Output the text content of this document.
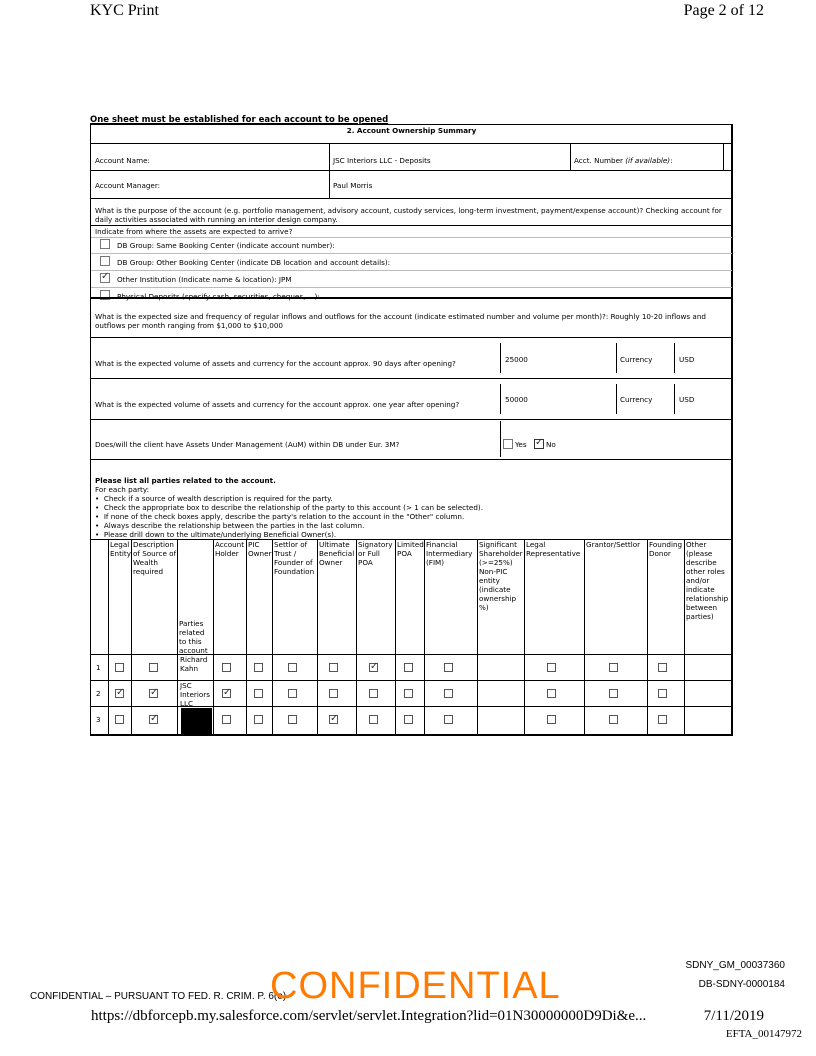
KYC Print	Page 2 of 12
One sheet must be established for each account to be opened
2. Account Ownership Summary
Account Name:	JSC Interiors LLC - Deposits	Acct. Number (if available):
Account Manager:	Paul Morris
What is the purpose of the account (e.g. portfolio management, advisory account, custody services, long-term investment, payment/expense account)? Checking account for daily activities associated with running an interior design company.
Indicate from where the assets are expected to arrive?
DB Group: Same Booking Center (indicate account number):
DB Group: Other Booking Center (indicate DB location and account details):
✓
Other Institution (Indicate name & location): JPM
Physical Deposits (specify cash, securities, cheques, ...):
What is the expected size and frequency of regular inflows and outflows for the account (indicate estimated number and volume per month)?: Roughly 10-20 inflows and outflows per month ranging from $1,000 to $10,000
What is the expected volume of assets and currency for the account approx. 90 days after opening?	25000	Currency	USD
What is the expected volume of assets and currency for the account approx. one year after opening?
50000	Currency	USD
Does/will the client have Assets Under Management (AuM) within DB under Eur. 3M?	Yes
✓	No
Please list all parties related to the account.
For each party:
•  Check if a source of wealth description is required for the party.
•  Check the appropriate box to describe the relationship of the party to this account (> 1 can be selected).
•  If none of the check boxes apply, describe the party's relation to the account in the "Other" column.
•  Always describe the relationship between the parties in the last column.
•  Please drill down to the ultimate/underlying Beneficial Owner(s).
Legal Entity
Description of Source of Wealth required
Parties related to this account
Account Holder
PIC Owner
Settlor of Trust / Founder of Foundation
Ultimate Beneficial Owner
Signatory or Full POA
Limited POA
Financial Intermediary (FIM)
Significant Shareholder (>=25%) Non-PIC entity (indicate ownership %)
Legal Representative
Grantor/Settlor	Founding Donor
Other (please describe other roles and/or indicate relationship between parties)
1
Richard Kahn
✓
2
JSC Interiors LLC
✓
✓
✓
3
✓
✓
CONFIDENTIAL – PURSUANT TO FED. R. CRIM. P. 6(e)
CONFIDENTIAL	SDNY_GM_00037360
DB-SDNY-0000184
https://dbforcepb.my.salesforce.com/servlet/servlet.Integration?lid=01N30000000D9Di&e...	7/11/2019
EFTA_00147972
